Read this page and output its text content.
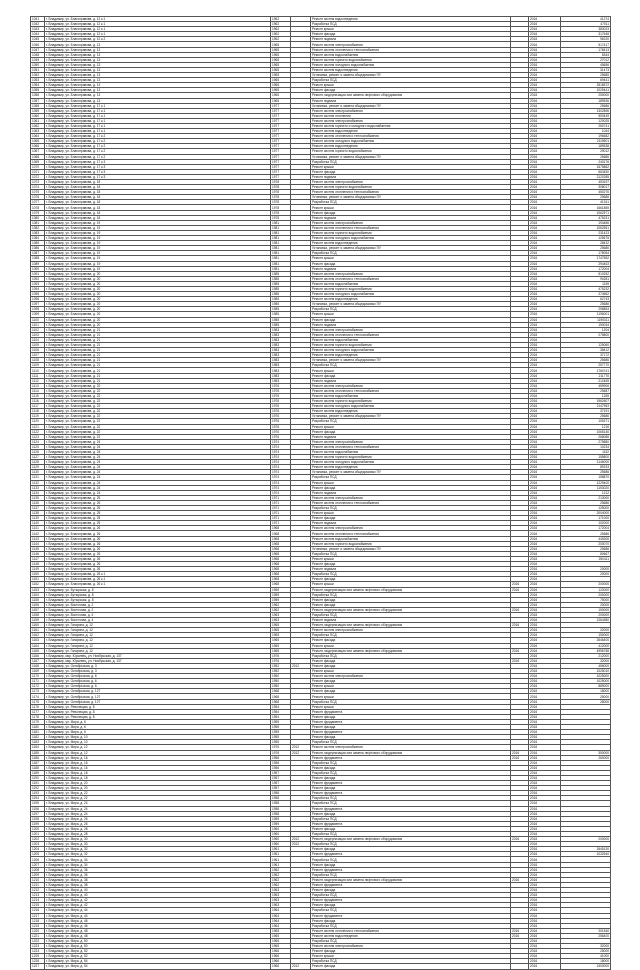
1041	г. Владимир, ул. Благонравова, д. 12 к.1	1962		Ремонт систем водоотведения		2016	41274
1042	г. Владимир, ул. Благонравова, д. 12 к.1	1962		Разработка ПСД		2016	47011
1043	г. Владимир, ул. Благонравова, д. 12 к.1	1962		Ремонт крыши		2016	383023
1044	г. Владимир, ул. Благонравова, д. 12 к.1	1962		Ремонт фасада		2016	317648
1045	г. Владимир, ул. Благонравова, д. 12 к.2	1962		Ремонт подвала		2016	96220
1046	г. Владимир, ул. Благонравова, д. 13	1965		Ремонт систем электроснабжения		2016	517417
1047	г. Владимир, ул. Благонравова, д. 13	1965		Ремонт систем отопления и теплоснабжения		2016	178413
1048	г. Владимир, ул. Благонравова, д. 13	1965		Ремонт систем водоснабжения		2016	8344
1049	г. Владимир, ул. Благонравова, д. 13	1965		Ремонт систем горячего водоснабжения		2016	27012
1050	г. Владимир, ул. Благонравова, д. 13	1965		Ремонт систем холодного водоснабжения		2016	45656
1051	г. Владимир, ул. Благонравова, д. 13	1965		Ремонт систем водоотведения		2016	31473
1052	г. Владимир, ул. Благонравова, д. 13	1965		Установка, ремонт и замена общедомовых ПУ		2016	25685
1053	г. Владимир, ул. Благонравова, д. 13	1965		Разработка ПСД		2016	69441
1054	г. Владимир, ул. Благонравова, д. 13	1965		Ремонт крыши		2016	2518572
1055	г. Владимир, ул. Благонравова, д. 13	1965		Ремонт фасада		2016	1025441
1056	г. Владимир, ул. Благонравова, д. 13	1965		Ремонт, модернизация или замена лифтового оборудования		2016	250000
1057	г. Владимир, ул. Благонравова, д. 13	1965		Ремонт подвала		2016	189536
1058	г. Владимир, ул. Благонравова, д. 17 к.1	1977		Установка, ремонт и замена общедомовых ПУ		2016	25686
1059	г. Владимир, ул. Благонравова, д. 17 к.1	1977		Ремонт систем электроснабжения		2016	1302896
1060	г. Владимир, ул. Благонравова, д. 17 к.1	1977		Ремонт систем отопления		2016	553449
1061	г. Владимир, ул. Благонравова, д. 17 к.1	1977		Ремонт систем электроснабжения		2016	120025
1062	г. Владимир, ул. Благонравова, д. 17 к.1	1977		Ремонт систем горячего и холодного водоснабжения		2016	260741
1063	г. Владимир, ул. Благонравова, д. 17 к.1	1977		Ремонт систем водоотведения		2016	1044
1064	г. Владимир, ул. Благонравова, д. 17 к.2	1977		Ремонт систем отопления и теплоснабжения		2016	196682
1065	г. Владимир, ул. Благонравова, д. 17 к.2	1977		Ремонт систем холодного водоснабжения		2016	2119501
1066	г. Владимир, ул. Благонравова, д. 17 к.2	1977		Ремонт систем водоотведения		2016	189538
1067	г. Владимир, ул. Благонравова, д. 17 к.2	1977		Ремонт систем горячего водоснабжения		2016	29012
1068	г. Владимир, ул. Благонравова, д. 17 к.2	1977		Установка, ремонт и замена общедомовых ПУ		2016	25686
1069	г. Владимир, ул. Благонравова, д. 17 к.3	1977		Разработка ПСД		2016	240176
1070	г. Владимир, ул. Благонравова, д. 17 к.3	1977		Ремонт крыши		2016	1675862
1071	г. Владимир, ул. Благонравова, д. 17 к.3	1977		Ремонт фасада		2016	663450
1072	г. Владимир, ул. Благонравова, д. 17 к.3	1977		Ремонт подвала		2016	2120285
1073	г. Владимир, ул. Благонравова, д. 18	1978		Ремонт систем электроснабжения		2016	453197
1074	г. Владимир, ул. Благонравова, д. 18	1978		Ремонт систем горячего водоснабжения		2016	308017
1075	г. Владимир, ул. Благонравова, д. 18	1978		Ремонт систем отопления и теплоснабжения		2016	450276
1076	г. Владимир, ул. Благонравова, д. 18	1978		Установка, ремонт и замена общедомовых ПУ		2016	25686
1077	г. Владимир, ул. Благонравова, д. 18	1978		Разработка ПСД		2016	41341
1078	г. Владимир, ул. Благонравова, д. 18	1978		Ремонт крыши		2016	1661855
1079	г. Владимир, ул. Благонравова, д. 18	1978		Ремонт фасада		2016	1062571
1080	г. Владимир, ул. Благонравова, д. 18	1978		Ремонт подвала		2016	475231
1081	г. Владимир, ул. Благонравова, д. 19	1981		Ремонт систем электроснабжения		2016	194486
1082	г. Владимир, ул. Благонравова, д. 19	1981		Ремонт систем отопления и теплоснабжения		2016	1062551
1083	г. Владимир, ул. Благонравова, д. 19	1981		Ремонт систем горячего водоснабжения		2016	231423
1084	г. Владимир, ул. Благонравова, д. 19	1981		Ремонт систем холодного водоснабжения		2016	125675
1085	г. Владимир, ул. Благонравова, д. 19	1981		Ремонт систем водоотведения		2016	28432
1086	г. Владимир, ул. Благонравова, д. 19	1981		Установка, ремонт и замена общедомовых ПУ		2016	25686
1087	г. Владимир, ул. Благонравова, д. 19	1981		Разработка ПСД		2016	178054
1088	г. Владимир, ул. Благонравова, д. 19	1981		Ремонт крыши		2016	1747552
1089	г. Владимир, ул. Благонравова, д. 19	1981		Ремонт фасада		2016	294463
1090	г. Владимир, ул. Благонравова, д. 19	1981		Ремонт подвала		2016	172004
1091	г. Владимир, ул. Благонравова, д. 20	1985		Ремонт систем электроснабжения		2016	510252
1092	г. Владимир, ул. Благонравова, д. 20	1985		Ремонт систем отопления и теплоснабжения		2016	90281
1093	г. Владимир, ул. Благонравова, д. 20	1985		Ремонт систем водоснабжения		2016	1155
1094	г. Владимир, ул. Благонравова, д. 20	1985		Ремонт систем горячего водоснабжения		2016	475232
1095	г. Владимир, ул. Благонравова, д. 20	1985		Ремонт систем холодного водоснабжения		2016	274562
1096	г. Владимир, ул. Благонравова, д. 20	1985		Ремонт систем водоотведения		2016	62743
1097	г. Владимир, ул. Благонравова, д. 20	1985		Установка, ремонт и замена общедомовых ПУ		2016	25686
1098	г. Владимир, ул. Благонравова, д. 20	1985		Разработка ПСД		2016	298853
1099	г. Владимир, ул. Благонравова, д. 20	1985		Ремонт крыши		2016	1196001
1100	г. Владимир, ул. Благонравова, д. 20	1985		Ремонт фасада		2016	1195311
1101	г. Владимир, ул. Благонравова, д. 20	1985		Ремонт подвала		2016	190034
1102	г. Владимир, ул. Благонравова, д. 21	1983		Ремонт систем электроснабжения		2016	1204
1103	г. Владимир, ул. Благонравова, д. 21	1983		Ремонт систем отопления и теплоснабжения		2016	275800
1104	г. Владимир, ул. Благонравова, д. 21	1983		Ремонт систем водоснабжения		2016	
1105	г. Владимир, ул. Благонравова, д. 21	1983		Ремонт систем горячего водоснабжения		2016	125060
1106	г. Владимир, ул. Благонравова, д. 21	1983		Ремонт систем холодного водоснабжения		2016	38412
1107	г. Владимир, ул. Благонравова, д. 21	1983		Ремонт систем водоотведения		2016	37172
1108	г. Владимир, ул. Благонравова, д. 21	1983		Установка, ремонт и замена общедомовых ПУ		2016	25686
1109	г. Владимир, ул. Благонравова, д. 21	1983		Разработка ПСД		2016	257770
1110	г. Владимир, ул. Благонравова, д. 21	1983		Ремонт крыши		2016	1760741
1111	г. Владимир, ул. Благонравова, д. 21	1983		Ремонт фасада		2016	211776
1112	г. Владимир, ул. Благонравова, д. 21	1983		Ремонт подвала		2016	212455
1113	г. Владимир, ул. Благонравова, д. 22	1976		Ремонт систем электроснабжения		2016	459906
1114	г. Владимир, ул. Благонравова, д. 22	1976		Ремонт систем отопления и теплоснабжения		2016	25687
1115	г. Владимир, ул. Благонравова, д. 22	1976		Ремонт систем водоснабжения		2016	1265
1116	г. Владимир, ул. Благонравова, д. 22	1976		Ремонт систем горячего водоснабжения		2016	1962607
1117	г. Владимир, ул. Благонравова, д. 22	1976		Ремонт систем холодного водоснабжения		2016	2147953
1118	г. Владимир, ул. Благонравова, д. 22	1976		Ремонт систем водоотведения		2016	37191
1119	г. Владимир, ул. Благонравова, д. 22	1976		Установка, ремонт и замена общедомовых ПУ		2016	25686
1120	г. Владимир, ул. Благонравова, д. 22	1976		Разработка ПСД		2016	105271
1121	г. Владимир, ул. Благонравова, д. 22	1976		Ремонт крыши		2016	1216
1122	г. Владимир, ул. Благонравова, д. 22	1976		Ремонт фасада		2016	1065146
1123	г. Владимир, ул. Благонравова, д. 22	1976		Ремонт подвала		2016	268086
1124	г. Владимир, ул. Благонравова, д. 24	1974		Ремонт систем электроснабжения		2016	275880
1125	г. Владимир, ул. Благонравова, д. 24	1974		Ремонт систем отопления и теплоснабжения		2016	10234
1126	г. Владимир, ул. Благонравова, д. 24	1974		Ремонт систем водоснабжения		2016	1152
1127	г. Владимир, ул. Благонравова, д. 24	1974		Ремонт систем горячего водоснабжения		2016	158800
1128	г. Владимир, ул. Благонравова, д. 24	1974		Ремонт систем холодного водоснабжения		2016	2146000
1129	г. Владимир, ул. Благонравова, д. 24	1974		Ремонт систем водоотведения		2016	89233
1130	г. Владимир, ул. Благонравова, д. 24	1974		Установка, ремонт и замена общедомовых ПУ		2016	25686
1131	г. Владимир, ул. Благонравова, д. 24	1974		Разработка ПСД		2016	158870
1132	г. Владимир, ул. Благонравова, д. 24	1974		Ремонт крыши		2016	1229400
1133	г. Владимир, ул. Благонравова, д. 24	1974		Ремонт фасада		2016	1153020
1134	г. Владимир, ул. Благонравова, д. 24	1974		Ремонт подвала		2016	1212
1135	г. Владимир, ул. Благонравова, д. 25	1971		Ремонт систем электроснабжения		2016	213000
1136	г. Владимир, ул. Благонравова, д. 25	1971		Ремонт систем отопления и теплоснабжения		2016	25686
1137	г. Владимир, ул. Благонравова, д. 25	1971		Разработка ПСД		2016	125000
1138	г. Владимир, ул. Благонравова, д. 25	1971		Ремонт крыши		2016	2004000
1139	г. Владимир, ул. Благонравова, д. 25	1971		Ремонт фасада		2016	171000
1140	г. Владимир, ул. Благонравова, д. 25	1971		Ремонт подвала		2016	102000
1141	г. Владимир, ул. Благонравова, д. 26	1968		Ремонт систем электроснабжения		2016	172004
1142	г. Владимир, ул. Благонравова, д. 26	1968		Ремонт систем отопления и теплоснабжения		2016	25686
1143	г. Владимир, ул. Благонравова, д. 26	1968		Ремонт систем водоснабжения		2016	445306
1144	г. Владимир, ул. Благонравова, д. 26	1968		Ремонт систем горячего водоснабжения		2016	200070
1145	г. Владимир, ул. Благонравова, д. 26	1968		Установка, ремонт и замена общедомовых ПУ		2016	25686
1146	г. Владимир, ул. Благонравова, д. 26	1968		Разработка ПСД		2016	80667
1147	г. Владимир, ул. Благонравова, д. 26	1968		Ремонт крыши		2016	250411
1148	г. Владимир, ул. Благонравова, д. 26	1968		Ремонт фасада		2016	
1149	г. Владимир, ул. Благонравова, д. 26	1968		Ремонт подвала		2016	20000
1150	г. Владимир, ул. Благонравова, д. 26 к.1	1968		Разработка ПСД		2016	20000
1151	г. Владимир, ул. Благонравова, д. 26 к.1	1968		Ремонт фасада		2016	
1152	г. Владимир, ул. Благонравова, д. 26 к.1	1968		Ремонт крыши	2016	2016	200000
1153	г. Владимир, ул. Бутырская, д. 8	1959		Ремонт, модернизация или замена лифтового оборудования	2016	2016	120000
1154	г. Владимир, ул. Бутырская, д. 8	1959		Разработка ПСД		2016	200000
1155	г. Владимир, ул. Бутырская, д. 8	1959		Ремонт фасада		2016	75000
1156	г. Владимир, ул. Восточная, д. 2	1962		Ремонт фасада		2016	20000
1157	г. Владимир, ул. Восточная, д. 2	1962		Ремонт, модернизация или замена лифтового оборудования	2016	2016	150000
1158	г. Владимир, ул. Восточная, д. 4	1963		Разработка ПСД		2016	200000
1159	г. Владимир, ул. Восточная, д. 4	1963		Ремонт подвала		2016	1264380
1160	г. Владимир, ул. Гагарина, д. 12	1965		Ремонт, модернизация или замена лифтового оборудования	2016	2016	
1161	г. Владимир, ул. Гагарина, д. 12	1965		Ремонт систем электроснабжения		2016	32000
1162	г. Владимир, ул. Гагарина, д. 12	1965		Разработка ПСД		2016	150000
1163	г. Владимир, ул. Гагарина, д. 12	1965		Ремонт фасада		2016	2646400
1164	г. Владимир, ул. Гагарина, д. 12	1965		Ремонт крыши		2016	412000
1165	г. Владимир, ул. Гагарина, д. 12	1965		Ремонт, модернизация или замена лифтового оборудования	2016	2016	4996758
1166	г. Владимир, мкр. Юрьевец, ул. Ноябрьская, д. 137	1976		Разработка ПСД		2016	212000
1167	г. Владимир, мкр. Юрьевец, ул. Ноябрьская, д. 137	1976		Ремонт фасада	2016	2016	32000
1168	г. Владимир, ул. Октябрьская, д. 3	1952	2012	Ремонт фасада		2016	456000
1169	г. Владимир, ул. Октябрьская, д. 3	1952		Ремонт крыши		2016	1025010
1170	г. Владимир, ул. Октябрьская, д. 6	1950		Ремонт систем электроснабжения		2016	1025000
1171	г. Владимир, ул. Октябрьская, д. 6	1950		Ремонт фасада		2016	1025000
1172	г. Владимир, ул. Октябрьская, д. 6	1950		Ремонт крыши		2016	889000
1173	г. Владимир, ул. Октябрьская, д. 127	1968		Ремонт фасада		2016	18000
1174	г. Владимир, ул. Октябрьская, д. 127	1968		Ремонт крыши		2016	25000
1175	г. Владимир, ул. Октябрьская, д. 127	1968		Разработка ПСД		2016	28000
1176	г. Владимир, ул. Революции, д. 8	1954		Ремонт крыши		2016	
1177	г. Владимир, ул. Революции, д. 8	1954		Ремонт фундамента		2016	
1178	г. Владимир, ул. Революции, д. 8	1954		Ремонт фасада		2016	
1179	г. Владимир, ул. Мира, д. 6	1955		Ремонт фундамента		2016	
1180	г. Владимир, ул. Мира, д. 6	1955		Ремонт фасада		2016	
1181	г. Владимир, ул. Мира, д. 6	1955		Ремонт фундамента		2016	
1182	г. Владимир, ул. Мира, д. 10	1955		Ремонт фасада		2016	
1183	г. Владимир, ул. Мира, д. 10	1955		Разработка ПСД		2016	
1184	г. Владимир, ул. Мира, д. 12	1976	2012	Ремонт систем электроснабжения		2016	
1185	г. Владимир, ул. Мира, д. 12	1976	2012	Ремонт, модернизация или замена лифтового оборудования	2016	2016	350000
1186	г. Владимир, ул. Мира, д. 16	1956		Ремонт фундамента	2016	2016	260000
1187	г. Владимир, ул. Мира, д. 16	1956		Разработка ПСД		2016	
1188	г. Владимир, ул. Мира, д. 16	1956		Ремонт фасада		2016	
1189	г. Владимир, ул. Мира, д. 18	1957		Разработка ПСД		2016	
1190	г. Владимир, ул. Мира, д. 18	1957		Ремонт фасада		2016	
1191	г. Владимир, ул. Мира, д. 20	1957		Ремонт фундамента		2016	
1192	г. Владимир, ул. Мира, д. 20	1957		Ремонт фасада		2016	
1193	г. Владимир, ул. Мира, д. 22	1958		Ремонт фундамента		2016	
1194	г. Владимир, ул. Мира, д. 22	1958		Разработка ПСД		2016	
1195	г. Владимир, ул. Мира, д. 24	1958		Разработка ПСД		2016	
1196	г. Владимир, ул. Мира, д. 24	1958		Ремонт фундамента		2016	
1197	г. Владимир, ул. Мира, д. 24	1958		Ремонт фасада		2016	
1198	г. Владимир, ул. Мира, д. 26	1959		Разработка ПСД		2016	
1199	г. Владимир, ул. Мира, д. 26	1959		Ремонт фундамента		2016	
1200	г. Владимир, ул. Мира, д. 28	1960		Ремонт фасада		2016	
1201	г. Владимир, ул. Мира, д. 28	1960		Разработка ПСД		2016	
1202	г. Владимир, ул. Мира, д. 30	1960	2012	Ремонт, модернизация или замена лифтового оборудования	2016	2016	200000
1203	г. Владимир, ул. Мира, д. 30	1960	2012	Разработка ПСД		2016	
1204	г. Владимир, ул. Мира, д. 32	1961		Ремонт фасада		2016	2645130
1205	г. Владимир, ул. Мира, д. 32	1961		Ремонт фундамента		2016	1032540
1206	г. Владимир, ул. Мира, д. 34	1961		Разработка ПСД		2016	
1207	г. Владимир, ул. Мира, д. 34	1961		Ремонт фасада		2016	
1208	г. Владимир, ул. Мира, д. 36	1962		Ремонт фундамента		2016	
1209	г. Владимир, ул. Мира, д. 36	1962		Разработка ПСД		2016	
1210	г. Владимир, ул. Мира, д. 38	1962		Ремонт, модернизация или замена лифтового оборудования	2016	2016	
1211	г. Владимир, ул. Мира, д. 38	1962		Ремонт фундамента		2016	
1212	г. Владимир, ул. Мира, д. 40	1963		Ремонт фасада		2016	
1213	г. Владимир, ул. Мира, д. 40	1963		Разработка ПСД		2016	
1214	г. Владимир, ул. Мира, д. 42	1963		Ремонт фундамента		2016	
1215	г. Владимир, ул. Мира, д. 42	1963		Ремонт фасада		2016	
1216	г. Владимир, ул. Мира, д. 44	1964		Разработка ПСД		2016	
1217	г. Владимир, ул. Мира, д. 44	1964		Ремонт фундамента		2016	
1218	г. Владимир, ул. Мира, д. 46	1964		Ремонт фасада		2016	
1219	г. Владимир, ул. Мира, д. 46	1964		Разработка ПСД		2016	
1220	г. Владимир, ул. Мира, д. 48	1965		Ремонт систем отопления и теплоснабжения	2016	2016	201540
1221	г. Владимир, ул. Мира, д. 48	1965		Ремонт систем водоотведения	2016	2016	256400
1222	г. Владимир, ул. Мира, д. 50	1965		Разработка ПСД		2016	
1223	г. Владимир, ул. Мира, д. 50	1965		Ремонт систем электроснабжения		2016	32000
1224	г. Владимир, ул. Мира, д. 52	1966		Ремонт фасада		2016	25000
1225	г. Владимир, ул. Мира, д. 52	1966		Ремонт крыши		2016	41000
1226	г. Владимир, ул. Мира, д. 54	1966		Разработка ПСД		2016	18000
1227	г. Владимир, ул. Мира, д. 54	1966	2012	Ремонт фасада		2016	2400000
